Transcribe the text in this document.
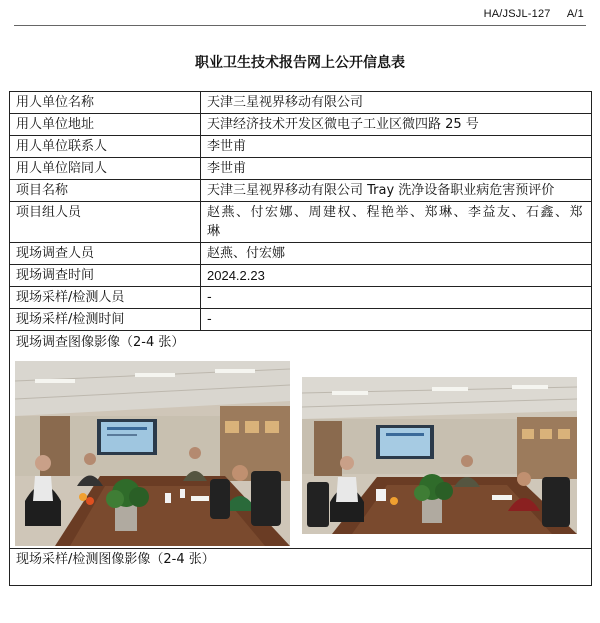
HA/JSJL-127 A/1
职业卫生技术报告网上公开信息表
用人单位名称	天津三星视界移动有限公司
用人单位地址	天津经济技术开发区微电子工业区微四路 25 号
用人单位联系人	李世甫
用人单位陪同人	李世甫
项目名称	天津三星视界移动有限公司 Tray 洗净设备职业病危害预评价
项目组人员	赵燕、付宏娜、周建权、程艳举、郑琳、李益友、石鑫、郑琳
现场调查人员	赵燕、付宏娜
现场调查时间	2024.2.23
现场采样/检测人员	-
现场采样/检测时间	-

现场调查图像影像（2-4 张）	

现场采样/检测图像影像（2-4 张）	
